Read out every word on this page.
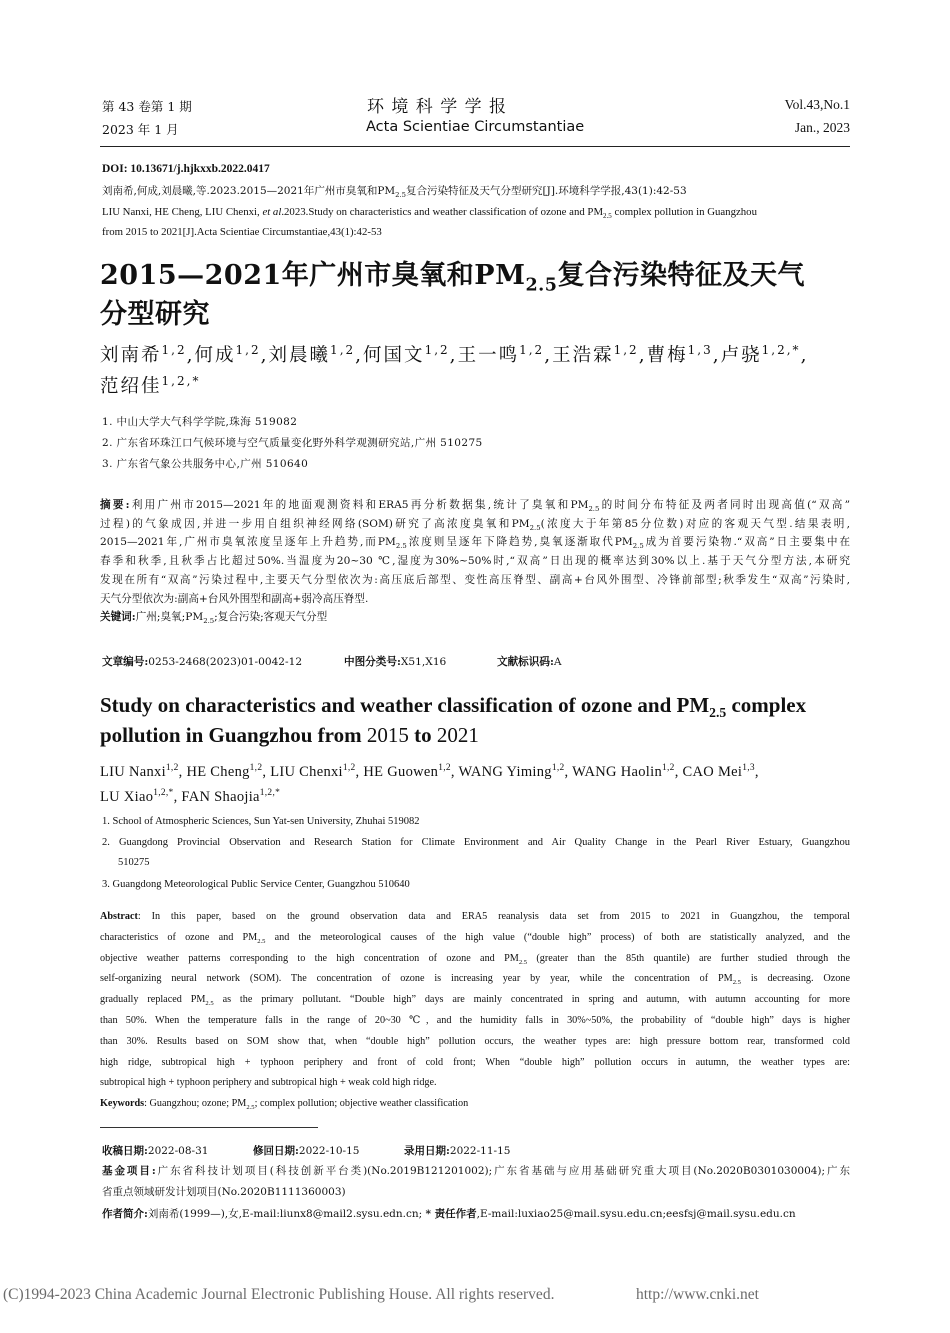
第 43 卷第 1 期
2023 年 1 月
环 境 科 学 学 报
Acta Scientiae Circumstantiae
Vol.43,No.1
Jan., 2023
DOI: 10.13671/j.hjkxxb.2022.0417
刘南希,何成,刘晨曦,等.2023.2015—2021年广州市臭氧和$PM_{2.5}$复合污染特征及天气分型研究[J].环境科学学报,43(1):42-53
LIU Nanxi, HE Cheng, LIU Chenxi, et al.2023.Study on characteristics and weather classification of ozone and $PM_{2.5}$ complex pollution in Guangzhou
from 2015 to 2021[J].Acta Scientiae Circumstantiae,43(1):42-53
2015—2021年广州市臭氧和$PM_{2.5}$复合污染特征及天气
分型研究
刘南希$^{1,2}$,何成$^{1,2}$,刘晨曦$^{1,2}$,何国文$^{1,2}$,王一鸣$^{1,2}$,王浩霖$^{1,2}$,曹梅$^{1,3}$,卢骁$^{1,2,*}$,
范绍佳$^{1,2,*}$
1. 中山大学大气科学学院,珠海 519082
2. 广东省环珠江口气候环境与空气质量变化野外科学观测研究站,广州 510275
3. 广东省气象公共服务中心,广州 510640
摘要:利用广州市2015—2021年的地面观测资料和ERA5再分析数据集,统计了臭氧和$PM_{2.5}$的时间分布特征及两者同时出现高值(“双高”
过程)的气象成因,并进一步用自组织神经网络(SOM)研究了高浓度臭氧和$PM_{2.5}$(浓度大于年第85分位数)对应的客观天气型.结果表明,
2015—2021年,广州市臭氧浓度呈逐年上升趋势,而$PM_{2.5}$浓度则呈逐年下降趋势,臭氧逐渐取代$PM_{2.5}$成为首要污染物.“双高”日主要集中在
春季和秋季,且秋季占比超过50%.当温度为20~30 ℃,湿度为30%~50%时,“双高”日出现的概率达到30%以上.基于天气分型方法,本研究
发现在所有“双高”污染过程中,主要天气分型依次为:高压底后部型、变性高压脊型、副高+台风外围型、冷锋前部型;秋季发生“双高”污染时,
天气分型依次为:副高+台风外围型和副高+弱冷高压脊型.
关键词:广州;臭氧$;PM_{2.5}$;复合污染;客观天气分型
文章编号:0253-2468(2023)01-0042-12	中图分类号:X51,X16	文献标识码:A
Study on characteristics and weather classification of ozone and $PM_{2.5}$ complex
pollution in Guangzhou from 2015 to 2021
LIU Nanxi$^{1,2}$, HE Cheng$^{1,2}$, LIU Chenxi$^{1,2}$, HE Guowen$^{1,2}$, WANG Yiming$^{1,2}$, WANG Haolin$^{1,2}$, CAO Mei$^{1,3}$,
LU Xiao$^{1,2,*}$, FAN Shaojia$^{1,2,*}$
1. School of Atmospheric Sciences, Sun Yat-sen University, Zhuhai 519082
2. Guangdong Provincial Observation and Research Station for Climate Environment and Air Quality Change in the Pearl River Estuary, Guangzhou
510275
3. Guangdong Meteorological Public Service Center, Guangzhou 510640
Abstract: In this paper, based on the ground observation data and ERA5 reanalysis data set from 2015 to 2021 in Guangzhou, the temporal
characteristics of ozone and $PM_{2.5}$ and the meteorological causes of the high value (“double high” process) of both are statistically analyzed, and the
objective weather patterns corresponding to the high concentration of ozone and $PM_{2.5}$ (greater than the 85th quantile) are further studied through the
self-organizing neural network (SOM). The concentration of ozone is increasing year by year, while the concentration of $PM_{2.5}$ is decreasing. Ozone
gradually replaced $PM_{2.5}$ as the primary pollutant. “Double high” days are mainly concentrated in spring and autumn, with autumn accounting for more
than 50%. When the temperature falls in the range of 20~30 ℃, and the humidity falls in 30%~50%, the probability of “double high” days is higher
than 30%. Results based on SOM show that, when “double high” pollution occurs, the weather types are: high pressure bottom rear, transformed cold
high ridge, subtropical high + typhoon periphery and front of cold front; When “double high” pollution occurs in autumn, the weather types are:
subtropical high + typhoon periphery and subtropical high + weak cold high ridge.
Keywords: Guangzhou; ozone; $PM_{2.5}$; complex pollution; objective weather classification
收稿日期:2022-08-31	修回日期:2022-10-15	录用日期:2022-11-15
基金项目:广东省科技计划项目(科技创新平台类)(No.2019B121201002);广东省基础与应用基础研究重大项目(No.2020B0301030004);广东
省重点领域研发计划项目(No.2020B1111360003)
作者简介:刘南希(1999—),女,E-mail:liunx8@mail2.sysu.edn.cn; * 责任作者,E-mail:luxiao25@mail.sysu.edu.cn;eesfsj@mail.sysu.edu.cn
(C)1994-2023 China Academic Journal Electronic Publishing House. All rights reserved.	http://www.cnki.net
